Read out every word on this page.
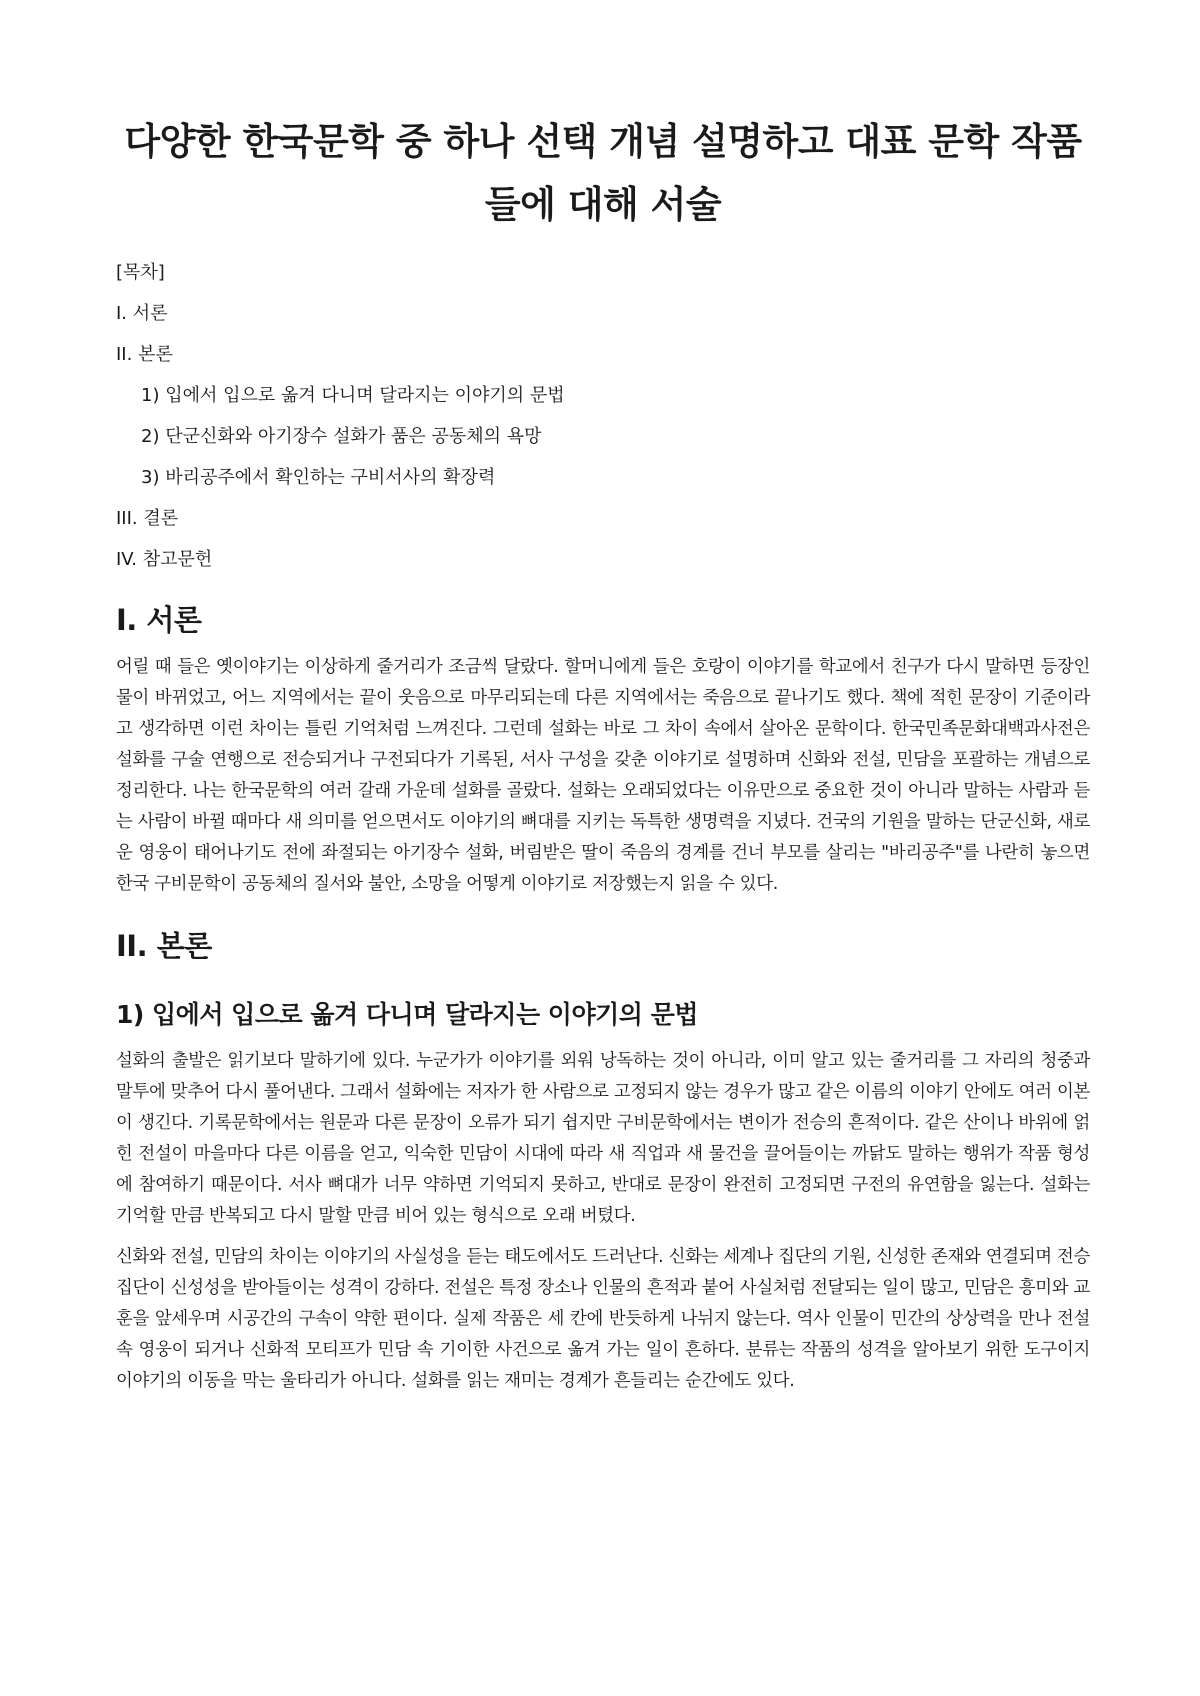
다양한 한국문학 중 하나 선택 개념 설명하고 대표 문학 작품들에 대해 서술
[목차]
I. 서론
II. 본론
1) 입에서 입으로 옮겨 다니며 달라지는 이야기의 문법
2) 단군신화와 아기장수 설화가 품은 공동체의 욕망
3) 바리공주에서 확인하는 구비서사의 확장력
III. 결론
IV. 참고문헌
I. 서론

어릴 때 들은 옛이야기는 이상하게 줄거리가 조금씩 달랐다. 할머니에게 들은 호랑이 이야기를 학교에서 친구가 다시 말하면 등장인물이 바뀌었고, 어느 지역에서는 끝이 웃음으로 마무리되는데 다른 지역에서는 죽음으로 끝나기도 했다. 책에 적힌 문장이 기준이라고 생각하면 이런 차이는 틀린 기억처럼 느껴진다. 그런데 설화는 바로 그 차이 속에서 살아온 문학이다. 한국민족문화대백과사전은 설화를 구술 연행으로 전승되거나 구전되다가 기록된, 서사 구성을 갖춘 이야기로 설명하며 신화와 전설, 민담을 포괄하는 개념으로 정리한다. 나는 한국문학의 여러 갈래 가운데 설화를 골랐다. 설화는 오래되었다는 이유만으로 중요한 것이 아니라 말하는 사람과 듣는 사람이 바뀔 때마다 새 의미를 얻으면서도 이야기의 뼈대를 지키는 독특한 생명력을 지녔다. 건국의 기원을 말하는 단군신화, 새로운 영웅이 태어나기도 전에 좌절되는 아기장수 설화, 버림받은 딸이 죽음의 경계를 건너 부모를 살리는 "바리공주"를 나란히 놓으면 한국 구비문학이 공동체의 질서와 불안, 소망을 어떻게 이야기로 저장했는지 읽을 수 있다.

II. 본론
1) 입에서 입으로 옮겨 다니며 달라지는 이야기의 문법

설화의 출발은 읽기보다 말하기에 있다. 누군가가 이야기를 외워 낭독하는 것이 아니라, 이미 알고 있는 줄거리를 그 자리의 청중과 말투에 맞추어 다시 풀어낸다. 그래서 설화에는 저자가 한 사람으로 고정되지 않는 경우가 많고 같은 이름의 이야기 안에도 여러 이본이 생긴다. 기록문학에서는 원문과 다른 문장이 오류가 되기 쉽지만 구비문학에서는 변이가 전승의 흔적이다. 같은 산이나 바위에 얽힌 전설이 마을마다 다른 이름을 얻고, 익숙한 민담이 시대에 따라 새 직업과 새 물건을 끌어들이는 까닭도 말하는 행위가 작품 형성에 참여하기 때문이다. 서사 뼈대가 너무 약하면 기억되지 못하고, 반대로 문장이 완전히 고정되면 구전의 유연함을 잃는다. 설화는 기억할 만큼 반복되고 다시 말할 만큼 비어 있는 형식으로 오래 버텼다.

신화와 전설, 민담의 차이는 이야기의 사실성을 듣는 태도에서도 드러난다. 신화는 세계나 집단의 기원, 신성한 존재와 연결되며 전승 집단이 신성성을 받아들이는 성격이 강하다. 전설은 특정 장소나 인물의 흔적과 붙어 사실처럼 전달되는 일이 많고, 민담은 흥미와 교훈을 앞세우며 시공간의 구속이 약한 편이다. 실제 작품은 세 칸에 반듯하게 나뉘지 않는다. 역사 인물이 민간의 상상력을 만나 전설 속 영웅이 되거나 신화적 모티프가 민담 속 기이한 사건으로 옮겨 가는 일이 흔하다. 분류는 작품의 성격을 알아보기 위한 도구이지 이야기의 이동을 막는 울타리가 아니다. 설화를 읽는 재미는 경계가 흔들리는 순간에도 있다.
